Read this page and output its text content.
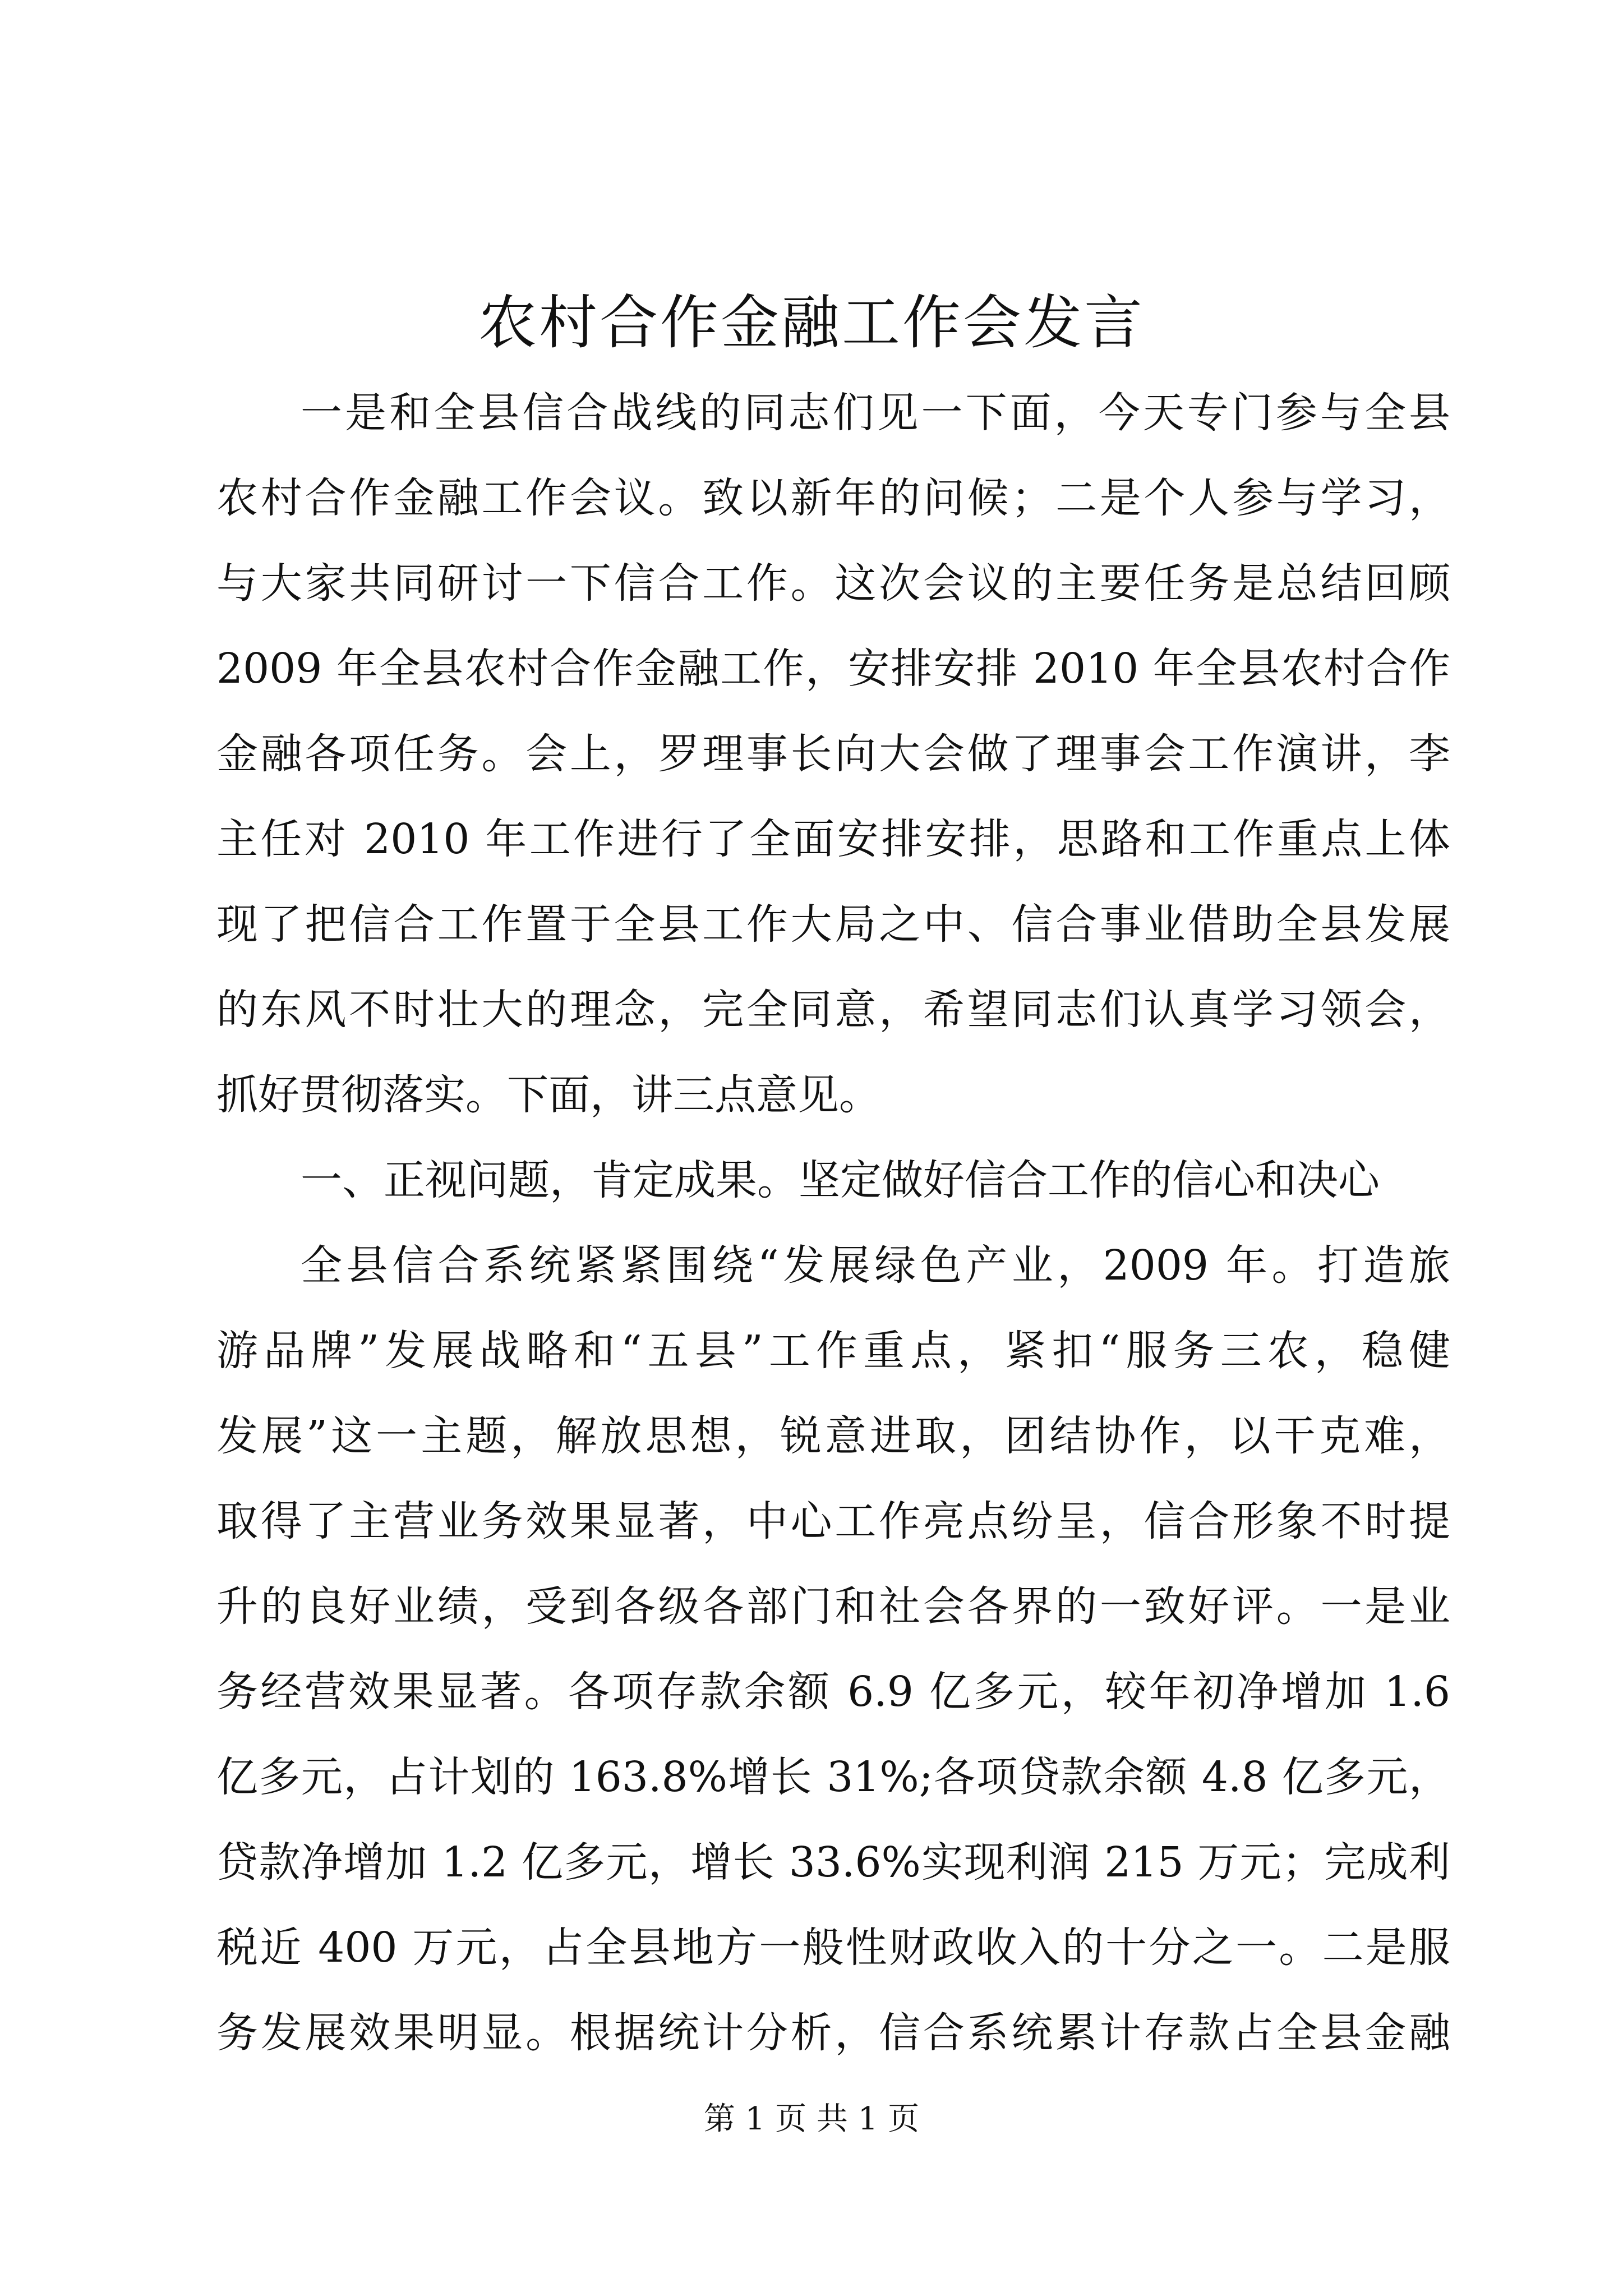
农村合作金融工作会发言
一是和全县信合战线的同志们见一下面，今天专门参与全县
农村合作金融工作会议。致以新年的问候；二是个人参与学习，
与大家共同研讨一下信合工作。这次会议的主要任务是总结回顾
2009 年全县农村合作金融工作，安排安排 2010 年全县农村合作
金融各项任务。会上，罗理事长向大会做了理事会工作演讲，李
主任对 2010 年工作进行了全面安排安排，思路和工作重点上体
现了把信合工作置于全县工作大局之中、信合事业借助全县发展
的东风不时壮大的理念，完全同意，希望同志们认真学习领会，
抓好贯彻落实。下面，讲三点意见。
一、正视问题，肯定成果。坚定做好信合工作的信心和决心
全县信合系统紧紧围绕“发展绿色产业，2009 年。打造旅
游品牌”发展战略和“五县”工作重点，紧扣“服务三农，稳健
发展”这一主题，解放思想，锐意进取，团结协作，以干克难，
取得了主营业务效果显著，中心工作亮点纷呈，信合形象不时提
升的良好业绩，受到各级各部门和社会各界的一致好评。一是业
务经营效果显著。各项存款余额 6.9 亿多元，较年初净增加 1.6
亿多元，占计划的 163.8%增长 31%;各项贷款余额 4.8 亿多元，
贷款净增加 1.2 亿多元，增长 33.6%实现利润 215 万元；完成利
税近 400 万元，占全县地方一般性财政收入的十分之一。二是服
务发展效果明显。根据统计分析，信合系统累计存款占全县金融
第 1 页 共 1 页
